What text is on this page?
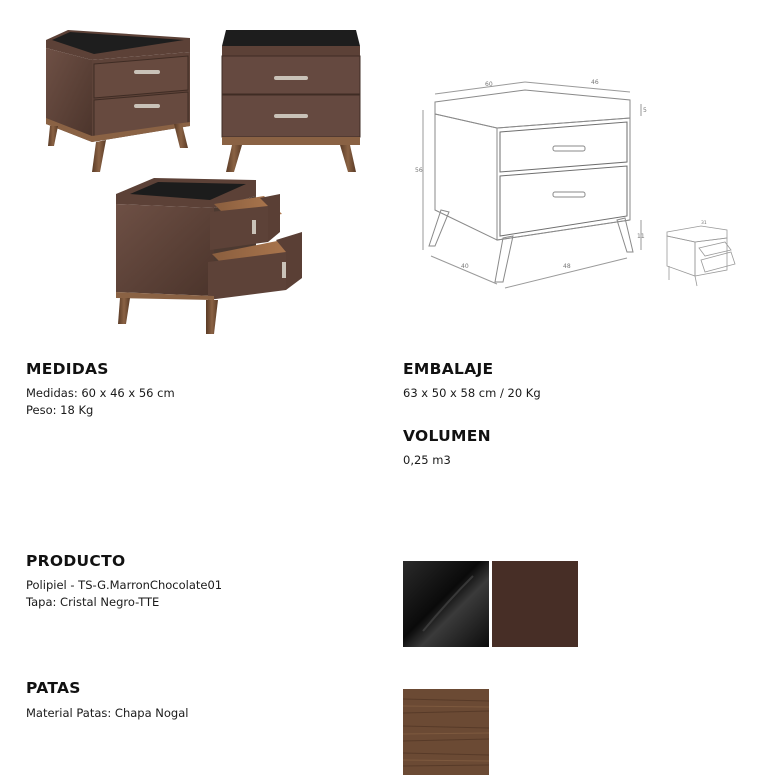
60	46
56
5
11
40	48
31
MEDIDAS
Medidas: 60 x 46 x 56 cm
Peso: 18 Kg
EMBALAJE
63 x 50 x 58 cm / 20 Kg
VOLUMEN
0,25 m3
PRODUCTO
Polipiel - TS-G.MarronChocolate01
Tapa: Cristal Negro-TTE
PATAS
Material Patas: Chapa Nogal
